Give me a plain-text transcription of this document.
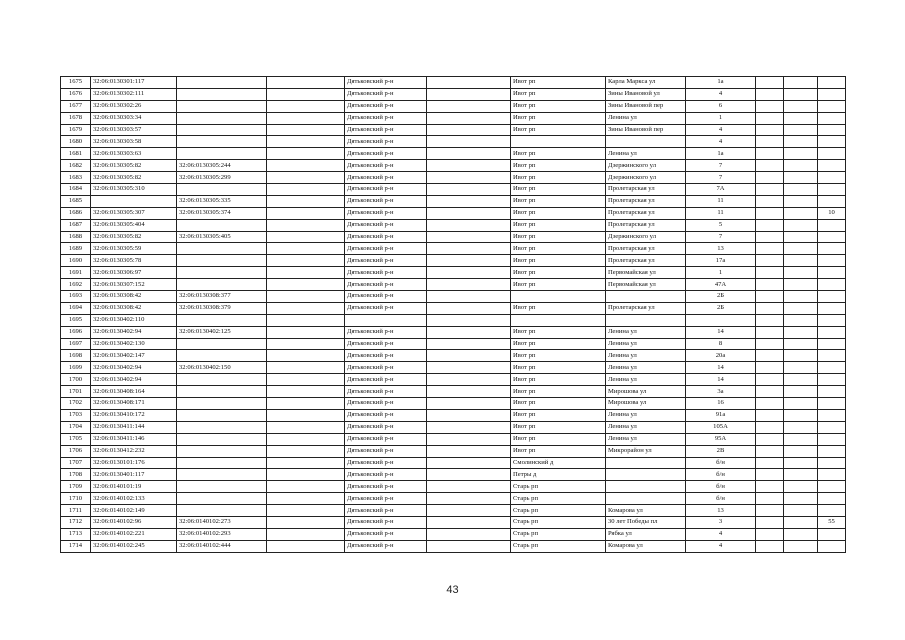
1675	32:06:0130301:117			Дятьковский р-н		Ивот рп	Карла Маркса ул	1а			
1676	32:06:0130302:111			Дятьковский р-н		Ивот рп	Зины Ивановой ул	4			
1677	32:06:0130302:26			Дятьковский р-н		Ивот рп	Зины Ивановой пер	6			
1678	32:06:0130303:34			Дятьковский р-н		Ивот рп	Ленина ул	1			
1679	32:06:0130303:57			Дятьковский р-н		Ивот рп	Зины Ивановой пер	4			
1680	32:06:0130303:58			Дятьковский р-н				4			
1681	32:06:0130303:63			Дятьковский р-н		Ивот рп	Ленина ул	1а			
1682	32:06:0130305:82	32:06:0130305:244		Дятьковский р-н		Ивот рп	Дзержинского ул	7			
1683	32:06:0130305:82	32:06:0130305:299		Дятьковский р-н		Ивот рп	Дзержинского ул	7			
1684	32:06:0130305:310			Дятьковский р-н		Ивот рп	Пролетарская ул	7А			
1685		32:06:0130305:335		Дятьковский р-н		Ивот рп	Пролетарская ул	11			
1686	32:06:0130305:307	32:06:0130305:374		Дятьковский р-н		Ивот рп	Пролетарская ул	11			10
1687	32:06:0130305:404			Дятьковский р-н		Ивот рп	Пролетарская ул	5			
1688	32:06:0130305:82	32:06:0130305:405		Дятьковский р-н		Ивот рп	Дзержинского ул	7			
1689	32:06:0130305:59			Дятьковский р-н		Ивот рп	Пролетарская ул	13			
1690	32:06:0130305:78			Дятьковский р-н		Ивот рп	Пролетарская ул	17а			
1691	32:06:0130306:97			Дятьковский р-н		Ивот рп	Первомайская ул	1			
1692	32:06:0130307:152			Дятьковский р-н		Ивот рп	Первомайская ул	47А			
1693	32:06:0130308:42	32:06:0130308:377		Дятьковский р-н				2Б			
1694	32:06:0130308:42	32:06:0130308:379		Дятьковский р-н		Ивот рп	Пролетарская ул	2Б			
1695	32:06:0130402:110										
1696	32:06:0130402:94	32:06:0130402:125		Дятьковский р-н		Ивот рп	Ленина ул	14			
1697	32:06:0130402:130			Дятьковский р-н		Ивот рп	Ленина ул	8			
1698	32:06:0130402:147			Дятьковский р-н		Ивот рп	Ленина ул	20а			
1699	32:06:0130402:94	32:06:0130402:150		Дятьковский р-н		Ивот рп	Ленина ул	14			
1700	32:06:0130402:94			Дятьковский р-н		Ивот рп	Ленина ул	14			
1701	32:06:0130408:164			Дятьковский р-н		Ивот рп	Мирошова ул	3а			
1702	32:06:0130408:171			Дятьковский р-н		Ивот рп	Мирошова ул	16			
1703	32:06:0130410:172			Дятьковский р-н		Ивот рп	Ленина ул	91а			
1704	32:06:0130411:144			Дятьковский р-н		Ивот рп	Ленина ул	105А			
1705	32:06:0130411:146			Дятьковский р-н		Ивот рп	Ленина ул	95А			
1706	32:06:0130412:232			Дятьковский р-н		Ивот рп	Микрорайон ул	2В			
1707	32:06:0130101:176			Дятьковский р-н		Смолинский д		б/н			
1708	32:06:0130401:117			Дятьковский р-н		Петры д		б/н			
1709	32:06:0140101:19			Дятьковский р-н		Старь рп		б/н			
1710	32:06:0140102:133			Дятьковский р-н		Старь рп		б/н			
1711	32:06:0140102:149			Дятьковский р-н		Старь рп	Комарова ул	13			
1712	32:06:0140102:96	32:06:0140102:273		Дятьковский р-н		Старь рп	30 лет Победы пл	3			55
1713	32:06:0140102:221	32:06:0140102:293		Дятьковский р-н		Старь рп	Рябка ул	4			
1714	32:06:0140102:245	32:06:0140102:444		Дятьковский р-н		Старь рп	Комарова ул	4			
43
